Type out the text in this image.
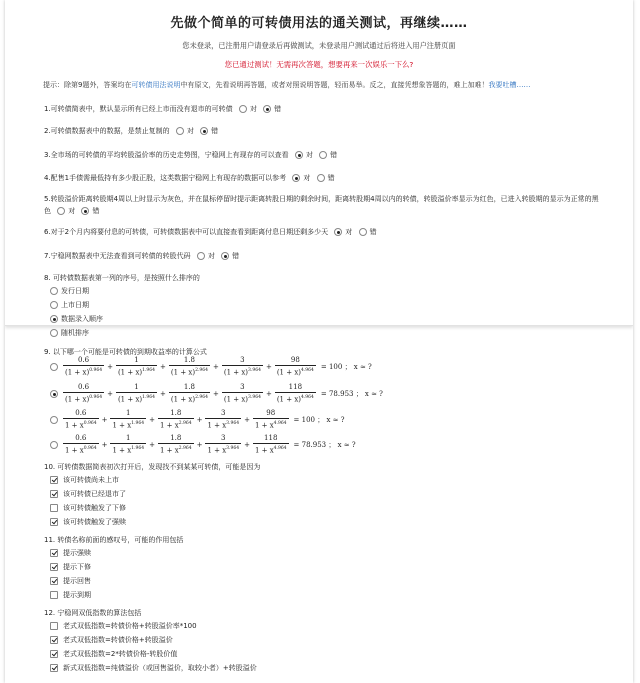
先做个简单的可转债用法的通关测试，再继续……
您未登录，已注册用户请登录后再做测试，未登录用户测试通过后将进入用户注册页面
您已通过测试！无需再次答题，想要再来一次娱乐一下么?
提示：除第9题外，答案均在可转债用法说明中有原文，先看说明再答题，或者对照说明答题，轻而易举。反之，直接凭想象答题的，难上加难！我要吐槽……
1.可转债简表中，默认显示所有已经上市而没有退市的可转债 对 错
2.可转债数据表中的数据，是禁止复制的 对 错
3.全市场的可转债的平均转股溢价率的历史走势图，宁稳网上有现存的可以查看 对 错
4.配售1手债需最低持有多少股正股，这类数据宁稳网上有现存的数据可以参考 对 错
5.转股溢价距离转股期4周以上时显示为灰色，并在鼠标停留时提示距离转股日期的剩余时间，距离转股期4周以内的转债，转股溢价率显示为红色，已进入转股期的显示为正常的黑色 对 错
6.对于2个月内将要付息的可转债，可转债数据表中可以直接查看到距离付息日期还剩多少天 对 错
7.宁稳网数据表中无法查看到可转债的转股代码 对 错
8. 可转债数据表第一列的序号，是按照什么排序的
发行日期
上市日期
数据录入顺序
随机排序
9. 以下哪一个可能是可转债的到期收益率的计算公式
$\frac{0.6}{(1 + x)^{0.964}} + \frac{1}{(1 + x)^{1.964}} + \frac{1.8}{(1 + x)^{2.964}} + \frac{3}{(1 + x)^{3.964}} + \frac{98}{(1 + x)^{4.964}} = 100$ ； x ≈ ?
$\frac{0.6}{(1 + x)^{0.964}} + \frac{1}{(1 + x)^{1.964}} + \frac{1.8}{(1 + x)^{2.964}} + \frac{3}{(1 + x)^{3.964}} + \frac{118}{(1 + x)^{4.964}} = 78.953$ ； x ≈ ?
$\frac{0.6}{1 + x^{0.964}} + \frac{1}{1 + x^{1.964}} + \frac{1.8}{1 + x^{2.964}} + \frac{3}{1 + x^{3.964}} + \frac{98}{1 + x^{4.964}} = 100$ ； x ≈ ?
$\frac{0.6}{1 + x^{0.964}} + \frac{1}{1 + x^{1.964}} + \frac{1.8}{1 + x^{2.964}} + \frac{3}{1 + x^{3.964}} + \frac{118}{1 + x^{4.964}} = 78.953$ ； x ≈ ?
10. 可转债数据简表初次打开后，发现找不到某某可转债，可能是因为
该可转债尚未上市
该可转债已经退市了
该可转债触发了下修
该可转债触发了强赎
11. 转债名称前面的感叹号，可能的作用包括
提示强赎
提示下修
提示回售
提示到期
12. 宁稳网双低指数的算法包括
老式双低指数=转债价格+转股溢价率*100
老式双低指数=转债价格+转股溢价
老式双低指数=2*转债价格-转股价值
新式双低指数=纯债溢价（或回售溢价，取较小者）+转股溢价
